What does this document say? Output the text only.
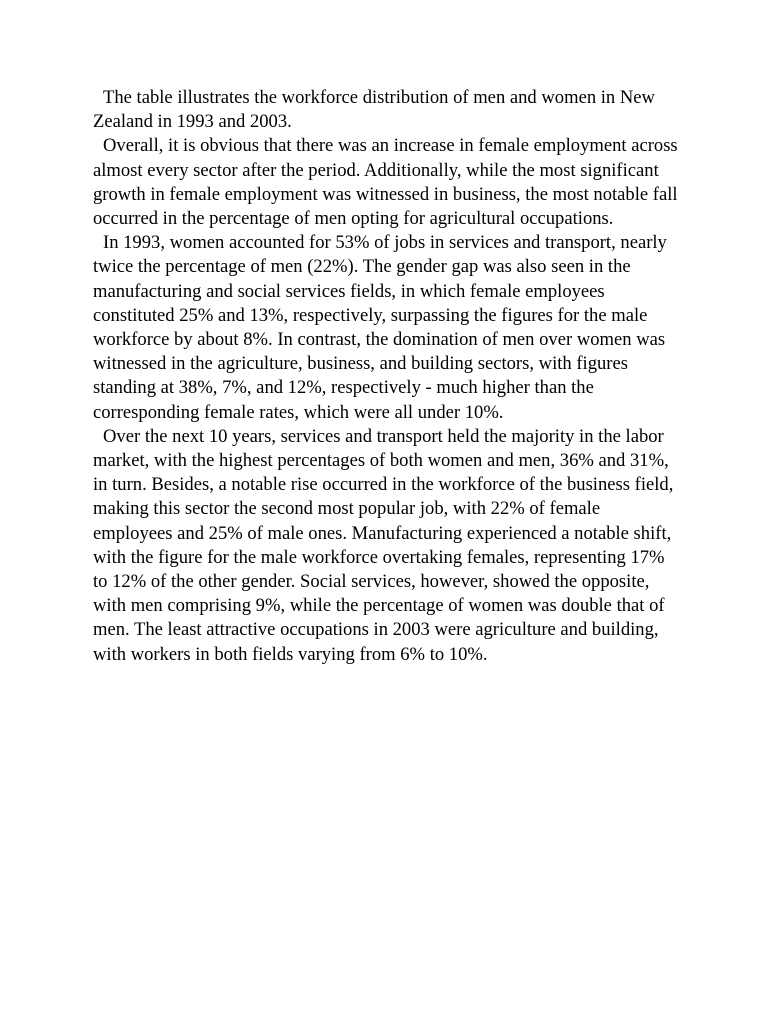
The table illustrates the workforce distribution of men and women in New Zealand in 1993 and 2003.

Overall, it is obvious that there was an increase in female employment across almost every sector after the period. Additionally, while the most significant growth in female employment was witnessed in business, the most notable fall occurred in the percentage of men opting for agricultural occupations.

In 1993, women accounted for 53% of jobs in services and transport, nearly twice the percentage of men (22%). The gender gap was also seen in the manufacturing and social services fields, in which female employees constituted 25% and 13%, respectively, surpassing the figures for the male workforce by about 8%. In contrast, the domination of men over women was witnessed in the agriculture, business, and building sectors, with figures standing at 38%, 7%, and 12%, respectively - much higher than the corresponding female rates, which were all under 10%.

Over the next 10 years, services and transport held the majority in the labor market, with the highest percentages of both women and men, 36% and 31%, in turn. Besides, a notable rise occurred in the workforce of the business field, making this sector the second most popular job, with 22% of female employees and 25% of male ones. Manufacturing experienced a notable shift, with the figure for the male workforce overtaking females, representing 17% to 12% of the other gender. Social services, however, showed the opposite, with men comprising 9%, while the percentage of women was double that of men. The least attractive occupations in 2003 were agriculture and building, with workers in both fields varying from 6% to 10%.
